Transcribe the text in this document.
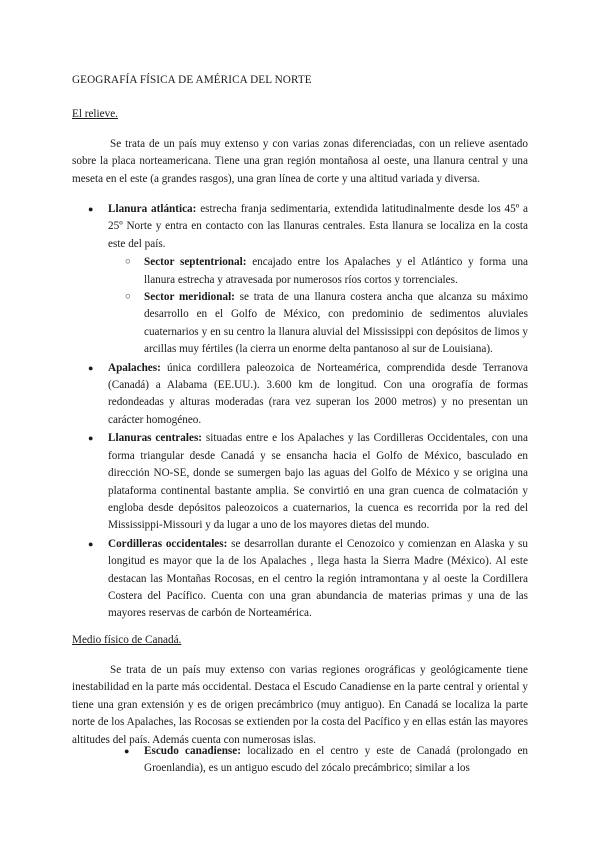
GEOGRAFÍA FÍSICA DE AMÉRICA DEL NORTE
El relieve.

Se trata de un país muy extenso y con varias zonas diferenciadas, con un relieve asentado sobre la placa norteamericana. Tiene una gran región montañosa al oeste, una llanura central y una meseta en el este (a grandes rasgos), una gran línea de corte y una altitud variada y diversa.

● Llanura atlántica: estrecha franja sedimentaria, extendida latitudinalmente desde los 45º a 25º Norte y entra en contacto con las llanuras centrales. Esta llanura se localiza en la costa este del país.
○ Sector septentrional: encajado entre los Apalaches y el Atlántico y forma una llanura estrecha y atravesada por numerosos ríos cortos y torrenciales.
○ Sector meridional: se trata de una llanura costera ancha que alcanza su máximo desarrollo en el Golfo de México, con predominio de sedimentos aluviales cuaternarios y en su centro la llanura aluvial del Mississippi con depósitos de limos y arcillas muy fértiles (la cierra un enorme delta pantanoso al sur de Louisiana).
● Apalaches: única cordillera paleozoica de Norteamérica, comprendida desde Terranova (Canadá) a Alabama (EE.UU.). 3.600 km de longitud. Con una orografía de formas redondeadas y alturas moderadas (rara vez superan los 2000 metros) y no presentan un carácter homogéneo.
● Llanuras centrales: situadas entre e los Apalaches y las Cordilleras Occidentales, con una forma triangular desde Canadá y se ensancha hacia el Golfo de México, basculado en dirección NO-SE, donde se sumergen bajo las aguas del Golfo de México y se origina una plataforma continental bastante amplia. Se convirtió en una gran cuenca de colmatación y engloba desde depósitos paleozoicos a cuaternarios, la cuenca es recorrida por la red del Mississippi-Missouri y da lugar a uno de los mayores dietas del mundo.
● Cordilleras occidentales: se desarrollan durante el Cenozoico y comienzan en Alaska y su longitud es mayor que la de los Apalaches , llega hasta la Sierra Madre (México). Al este destacan las Montañas Rocosas, en el centro la región intramontana y al oeste la Cordillera Costera del Pacífico. Cuenta con una gran abundancia de materias primas y una de las mayores reservas de carbón de Norteamérica.
Medio físico de Canadá.

Se trata de un país muy extenso con varias regiones orográficas y geológicamente tiene inestabilidad en la parte más occidental. Destaca el Escudo Canadiense en la parte central y oriental y tiene una gran extensión y es de origen precámbrico (muy antiguo). En Canadá se localiza la parte norte de los Apalaches, las Rocosas se extienden por la costa del Pacífico y en ellas están las mayores altitudes del país. Además cuenta con numerosas islas.

● Escudo canadiense: localizado en el centro y este de Canadá (prolongado en Groenlandia), es un antiguo escudo del zócalo precámbrico; similar a los
